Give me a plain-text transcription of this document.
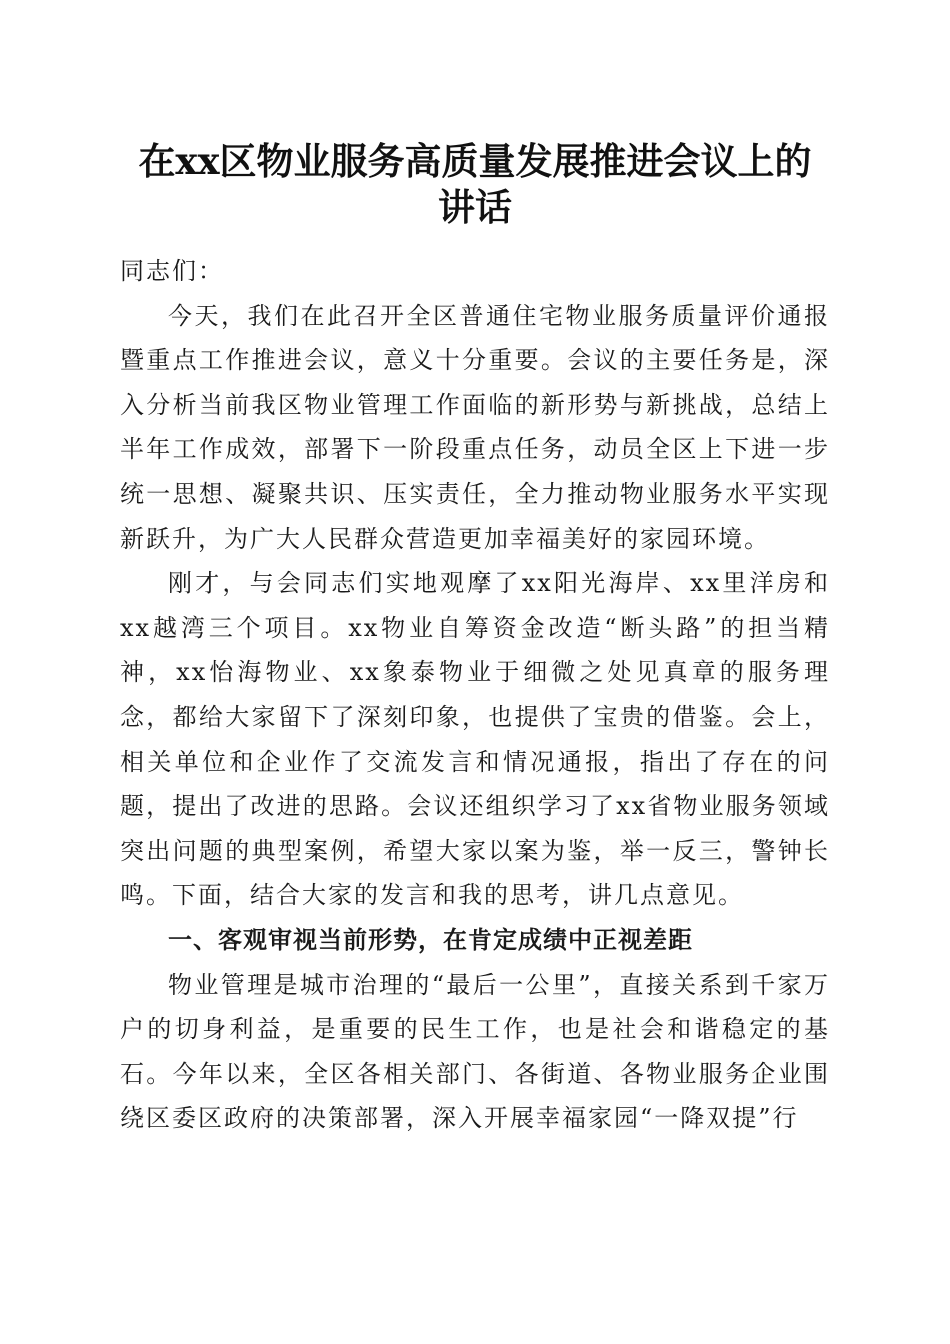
在xx区物业服务高质量发展推进会议上的讲话

同志们：

今天，我们在此召开全区普通住宅物业服务质量评价通报暨重点工作推进会议，意义十分重要。会议的主要任务是，深入分析当前我区物业管理工作面临的新形势与新挑战，总结上半年工作成效，部署下一阶段重点任务，动员全区上下进一步统一思想、凝聚共识、压实责任，全力推动物业服务水平实现新跃升，为广大人民群众营造更加幸福美好的家园环境。

刚才，与会同志们实地观摩了xx阳光海岸、xx里洋房和xx越湾三个项目。xx物业自筹资金改造“断头路”的担当精神，xx怡海物业、xx象泰物业于细微之处见真章的服务理念，都给大家留下了深刻印象，也提供了宝贵的借鉴。会上，相关单位和企业作了交流发言和情况通报，指出了存在的问题，提出了改进的思路。会议还组织学习了xx省物业服务领域突出问题的典型案例，希望大家以案为鉴，举一反三，警钟长鸣。下面，结合大家的发言和我的思考，讲几点意见。

一、客观审视当前形势，在肯定成绩中正视差距

物业管理是城市治理的“最后一公里”，直接关系到千家万户的切身利益，是重要的民生工作，也是社会和谐稳定的基石。今年以来，全区各相关部门、各街道、各物业服务企业围绕区委区政府的决策部署，深入开展幸福家园“一降双提”行
